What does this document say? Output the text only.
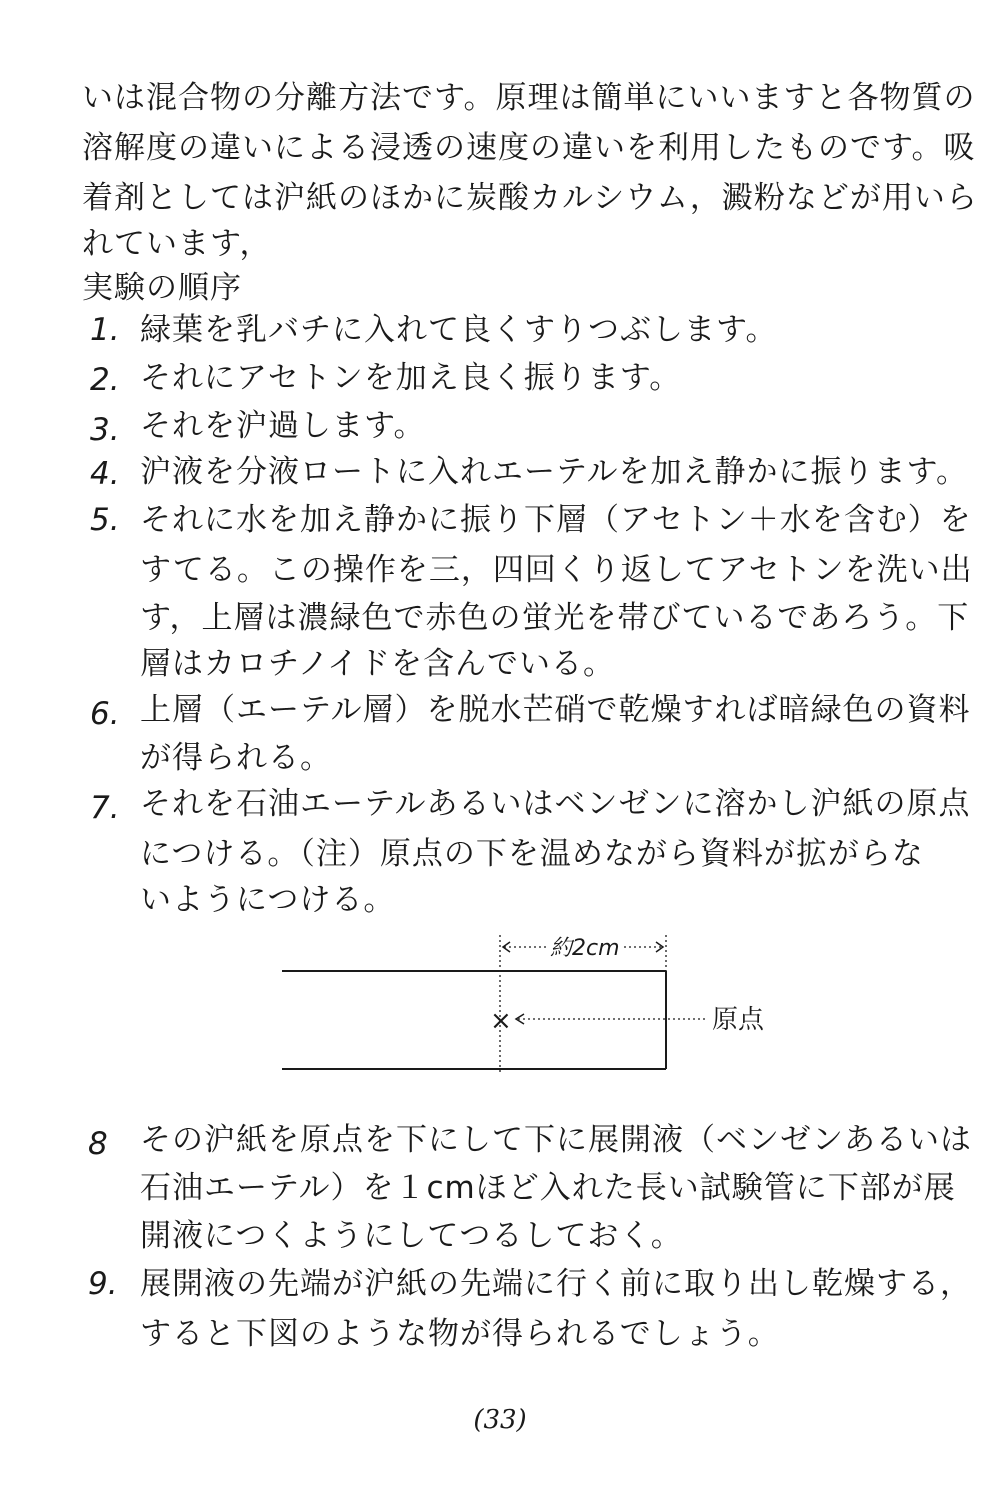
いは混合物の分離方法です。原理は簡単にいいますと各物質の
溶解度の違いによる浸透の速度の違いを利用したものです。吸
着剤としては沪紙のほかに炭酸カルシウム，澱粉などが用いら
れています，
実験の順序
1. 緑葉を乳バチに入れて良くすりつぶします。
2. それにアセトンを加え良く振ります。
3. それを沪過します。
4. 沪液を分液ロートに入れエーテルを加え静かに振ります。
5. それに水を加え静かに振り下層（アセトン＋水を含む）を
すてる。この操作を三，四回くり返してアセトンを洗い出
す，上層は濃緑色で赤色の蛍光を帯びているであろう。下
層はカロチノイドを含んでいる。
6. 上層（エーテル層）を脱水芒硝で乾燥すれば暗緑色の資料
が得られる。
7. それを石油エーテルあるいはベンゼンに溶かし沪紙の原点
につける。（注）原点の下を温めながら資料が拡がらな
いようにつける。
約2cm
×	原点
8 その沪紙を原点を下にして下に展開液（ベンゼンあるいは
石油エーテル）を１cmほど入れた長い試験管に下部が展
開液につくようにしてつるしておく。
9. 展開液の先端が沪紙の先端に行く前に取り出し乾燥する，
すると下図のような物が得られるでしょう。
(33)
